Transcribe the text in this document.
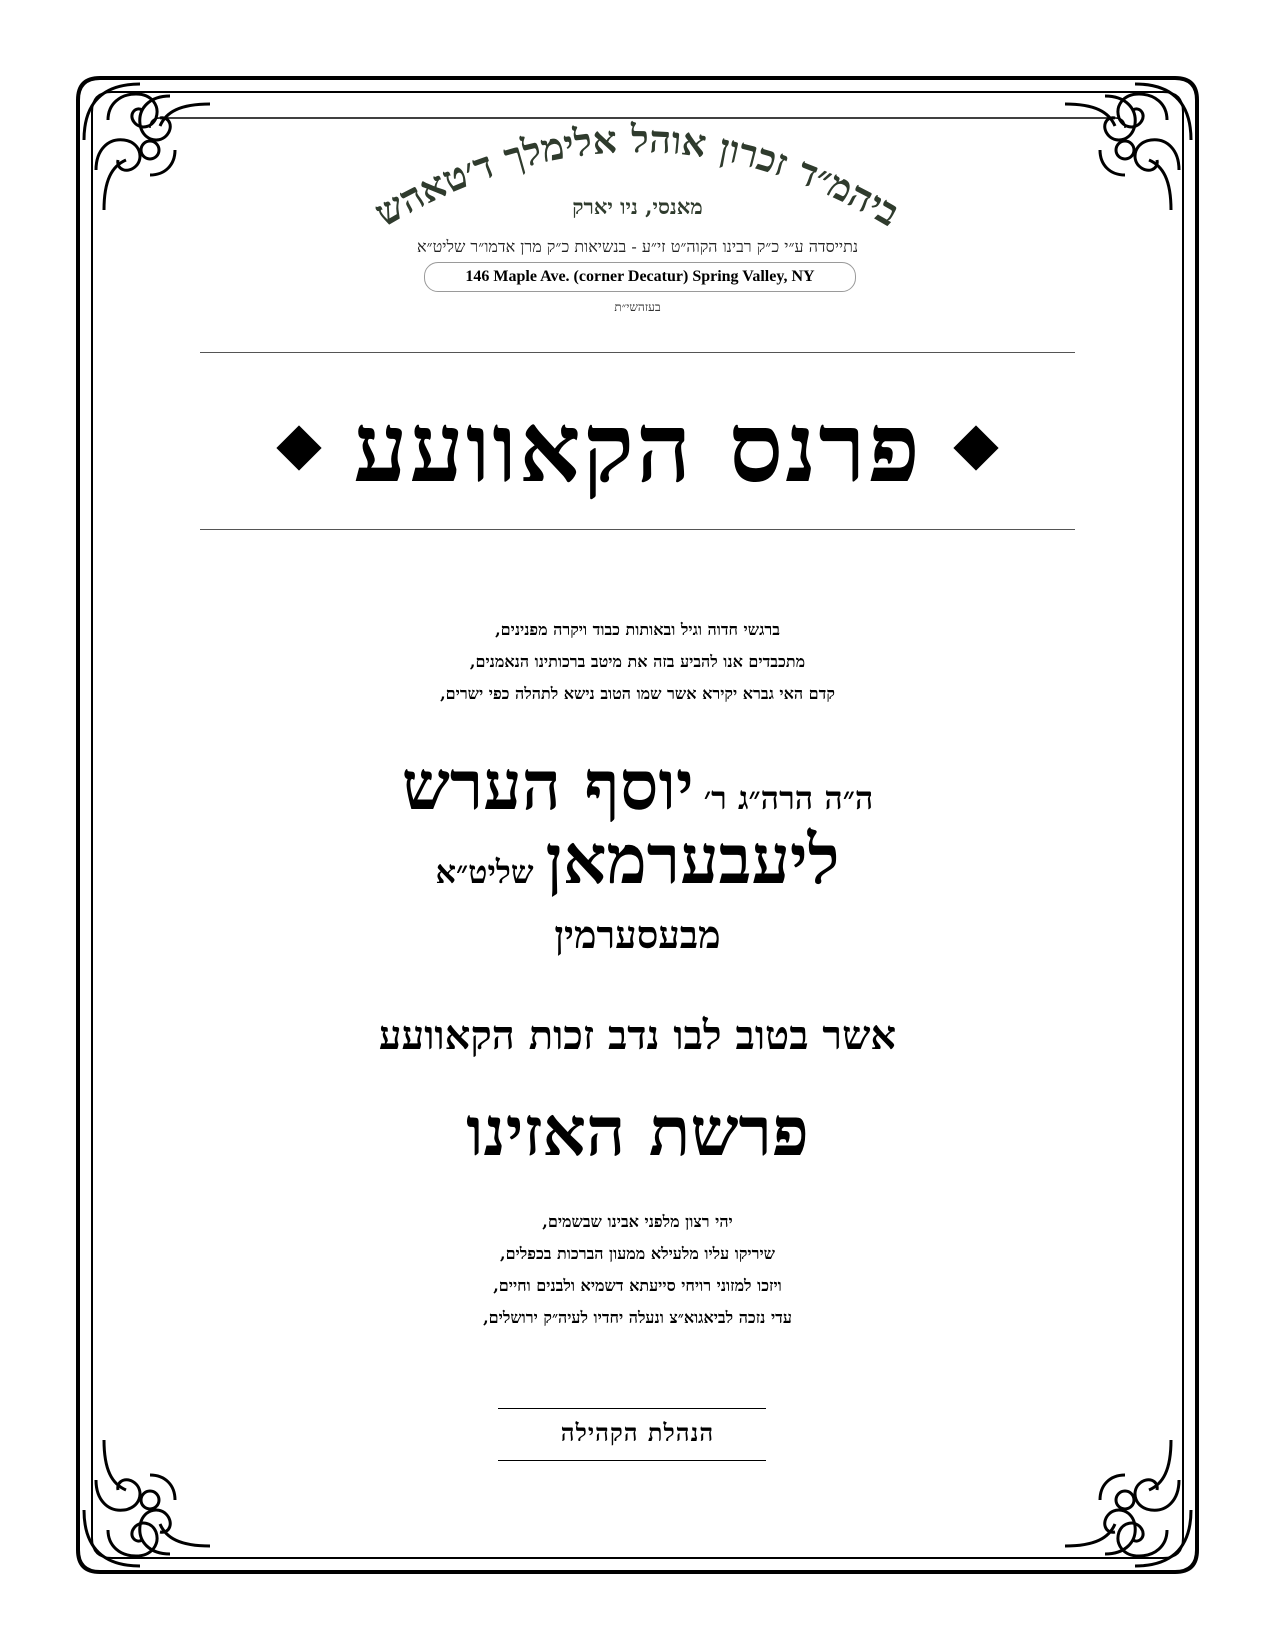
ביהמ״ד זכרון אוהל אלימלך ד׳טאהש
מאנסי, ניו יארק
נתייסדה ע״י כ״ק רבינו הקוה״ט זי״ע - בנשיאות כ״ק מרן אדמו״ר שליט״א
146 Maple Ave. (corner Decatur) Spring Valley, NY
בעזהשי״ת
פרנס הקאוועע
ברגשי חדוה וגיל ובאותות כבוד ויקרה מפנינים,
מתכבדים אנו להביע בזה את מיטב ברכותינו הנאמנים,
קדם האי גברא יקירא אשר שמו הטוב נישא לתהלה כפי ישרים,
ה״ה הרה״ג ר׳
יוסף הערש
ליעבערמאן
שליט״א
מבעסערמין
אשר בטוב לבו נדב זכות הקאוועע
פרשת האזינו
יהי רצון מלפני אבינו שבשמים,
שיריקו עליו מלעילא ממעון הברכות בכפלים,
ויזכו למזוני רויחי סייעתא דשמיא ולבנים וחיים,
עדי נזכה לביאגוא״צ ונעלה יחדיו לעיה״ק ירושלים,
הנהלת הקהילה
